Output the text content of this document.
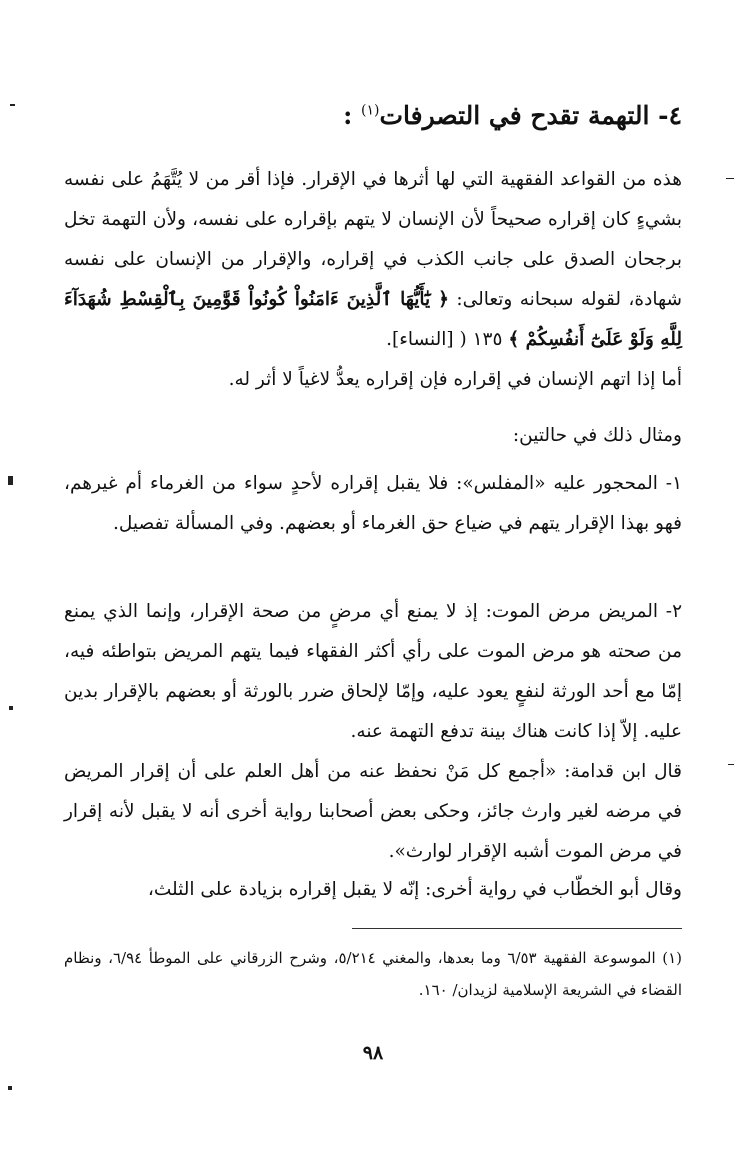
٤- التهمة تقدح في التصرفات$^{(١)}$ :

هذه من القواعد الفقهية التي لها أثرها في الإقرار. فإذا أقر من لا يُتَّهَمُ على نفسه بشيءٍ كان إقراره صحيحاً لأن الإنسان لا يتهم بإقراره على نفسه، ولأن التهمة تخل برجحان الصدق على جانب الكذب في إقراره، والإقرار من الإنسان على نفسه شهادة، لقوله سبحانه وتعالى: ﴿ يَٰٓأَيُّهَا ٱلَّذِينَ ءَامَنُواْ كُونُواْ قَوَّٰمِينَ بِٱلْقِسْطِ شُهَدَآءَ لِلَّهِ وَلَوْ عَلَىٰٓ أَنفُسِكُمْ ﴾ ١٣٥ ( [النساء].

أما إذا اتهم الإنسان في إقراره فإن إقراره يعدُّ لاغياً لا أثر له.

ومثال ذلك في حالتين:

١- المحجور عليه «المفلس»: فلا يقبل إقراره لأحدٍ سواء من الغرماء أم غيرهم، فهو بهذا الإقرار يتهم في ضياع حق الغرماء أو بعضهم. وفي المسألة تفصيل.

٢- المريض مرض الموت: إذ لا يمنع أي مرضٍ من صحة الإقرار، وإنما الذي يمنع من صحته هو مرض الموت على رأي أكثر الفقهاء فيما يتهم المريض بتواطئه فيه، إمّا مع أحد الورثة لنفعٍ يعود عليه، وإمّا لإلحاق ضرر بالورثة أو بعضهم بالإقرار بدين عليه. إلاّ إذا كانت هناك بينة تدفع التهمة عنه.

قال ابن قدامة: «أجمع كل مَنْ نحفظ عنه من أهل العلم على أن إقرار المريض في مرضه لغير وارث جائز، وحكى بعض أصحابنا رواية أخرى أنه لا يقبل لأنه إقرار في مرض الموت أشبه الإقرار لوارث».

وقال أبو الخطّاب في رواية أخرى: إنّه لا يقبل إقراره بزيادة على الثلث،

(١) الموسوعة الفقهية ٦/٥٣ وما بعدها، والمغني ٥/٢١٤، وشرح الزرقاني على الموطأ ٦/٩٤، ونظام القضاء في الشريعة الإسلامية لزيدان/ ١٦٠.

٩٨
